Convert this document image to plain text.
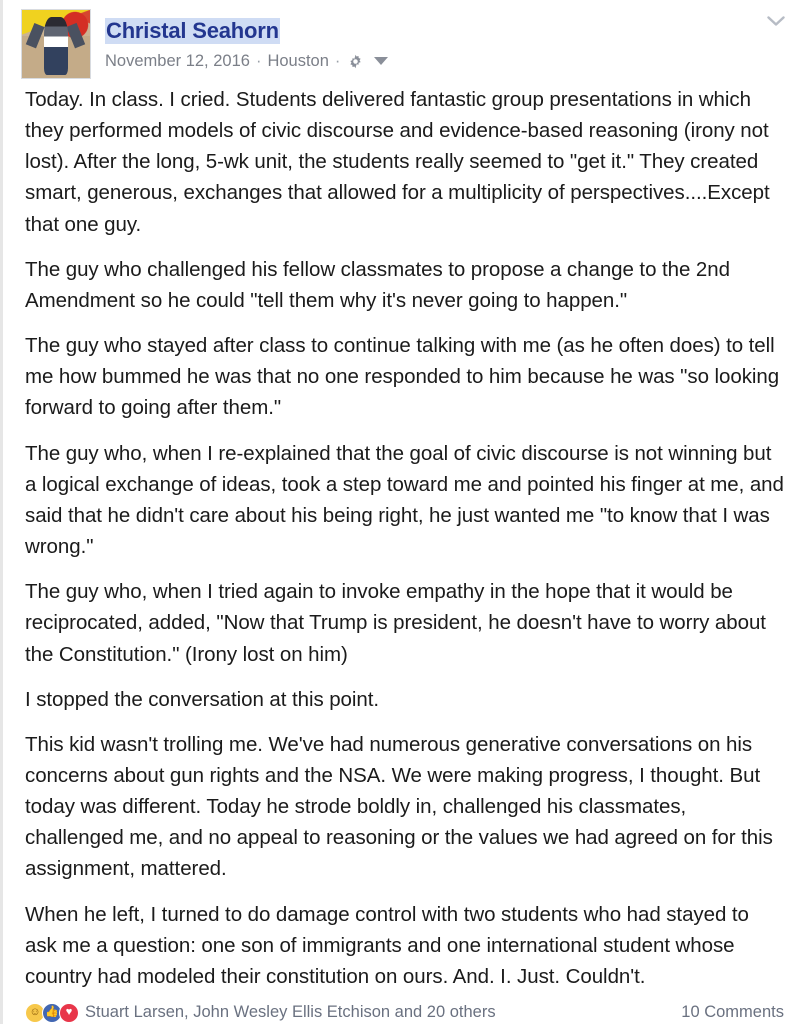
Christal Seahorn
November 12, 2016 · Houston ·

Today. In class. I cried. Students delivered fantastic group presentations in which they performed models of civic discourse and evidence-based reasoning (irony not lost). After the long, 5-wk unit, the students really seemed to "get it." They created smart, generous, exchanges that allowed for a multiplicity of perspectives....Except that one guy.

The guy who challenged his fellow classmates to propose a change to the 2nd Amendment so he could "tell them why it's never going to happen."

The guy who stayed after class to continue talking with me (as he often does) to tell me how bummed he was that no one responded to him because he was "so looking forward to going after them."

The guy who, when I re-explained that the goal of civic discourse is not winning but a logical exchange of ideas, took a step toward me and pointed his finger at me, and said that he didn't care about his being right, he just wanted me "to know that I was wrong."

The guy who, when I tried again to invoke empathy in the hope that it would be reciprocated, added, "Now that Trump is president, he doesn't have to worry about the Constitution." (Irony lost on him)

I stopped the conversation at this point.

This kid wasn't trolling me. We've had numerous generative conversations on his concerns about gun rights and the NSA. We were making progress, I thought. But today was different. Today he strode boldly in, challenged his classmates, challenged me, and no appeal to reasoning or the values we had agreed on for this assignment, mattered.

When he left, I turned to do damage control with two students who had stayed to ask me a question: one son of immigrants and one international student whose country had modeled their constitution on ours. And. I. Just. Couldn't.

☺ 👍 ♥ Stuart Larsen, John Wesley Ellis Etchison and 20 others	10 Comments
